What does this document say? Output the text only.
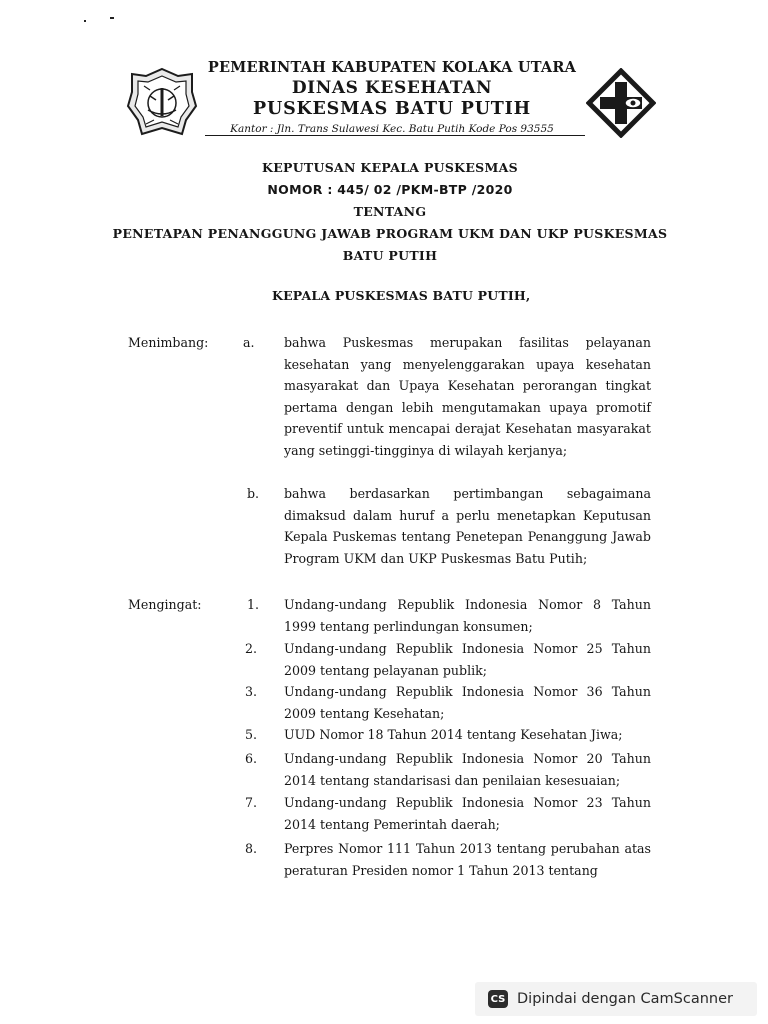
PEMERINTAH KABUPATEN KOLAKA UTARA
DINAS KESEHATAN
PUSKESMAS BATU PUTIH
Kantor : Jln. Trans Sulawesi Kec. Batu Putih Kode Pos 93555
KEPUTUSAN KEPALA PUSKESMAS
NOMOR : 445/ 02 /PKM-BTP /2020
TENTANG
PENETAPAN PENANGGUNG JAWAB PROGRAM UKM DAN UKP PUSKESMAS
BATU PUTIH
KEPALA PUSKESMAS BATU PUTIH,
Menimbang:	a. bahwa Puskesmas merupakan fasilitas pelayanan kesehatan yang menyelenggarakan upaya kesehatan masyarakat dan Upaya Kesehatan perorangan tingkat pertama dengan lebih mengutamakan upaya promotif preventif untuk mencapai derajat Kesehatan masyarakat yang setinggi-tingginya di wilayah kerjanya;
b. bahwa berdasarkan pertimbangan sebagaimana dimaksud dalam huruf a perlu menetapkan Keputusan Kepala Puskemas tentang Penetepan Penanggung Jawab Program UKM dan UKP Puskesmas Batu Putih;
Mengingat:	1. Undang-undang Republik Indonesia Nomor 8 Tahun 1999 tentang perlindungan konsumen;
2. Undang-undang Republik Indonesia Nomor 25 Tahun 2009 tentang pelayanan publik;
3. Undang-undang Republik Indonesia Nomor 36 Tahun 2009 tentang Kesehatan;
5. UUD Nomor 18 Tahun 2014 tentang Kesehatan Jiwa;
6. Undang-undang Republik Indonesia Nomor 20 Tahun 2014 tentang standarisasi dan penilaian kesesuaian;
7. Undang-undang Republik Indonesia Nomor 23 Tahun 2014 tentang Pemerintah daerah;
8. Perpres Nomor 111 Tahun 2013 tentang perubahan atas peraturan Presiden nomor 1 Tahun 2013 tentang
CS Dipindai dengan CamScanner
